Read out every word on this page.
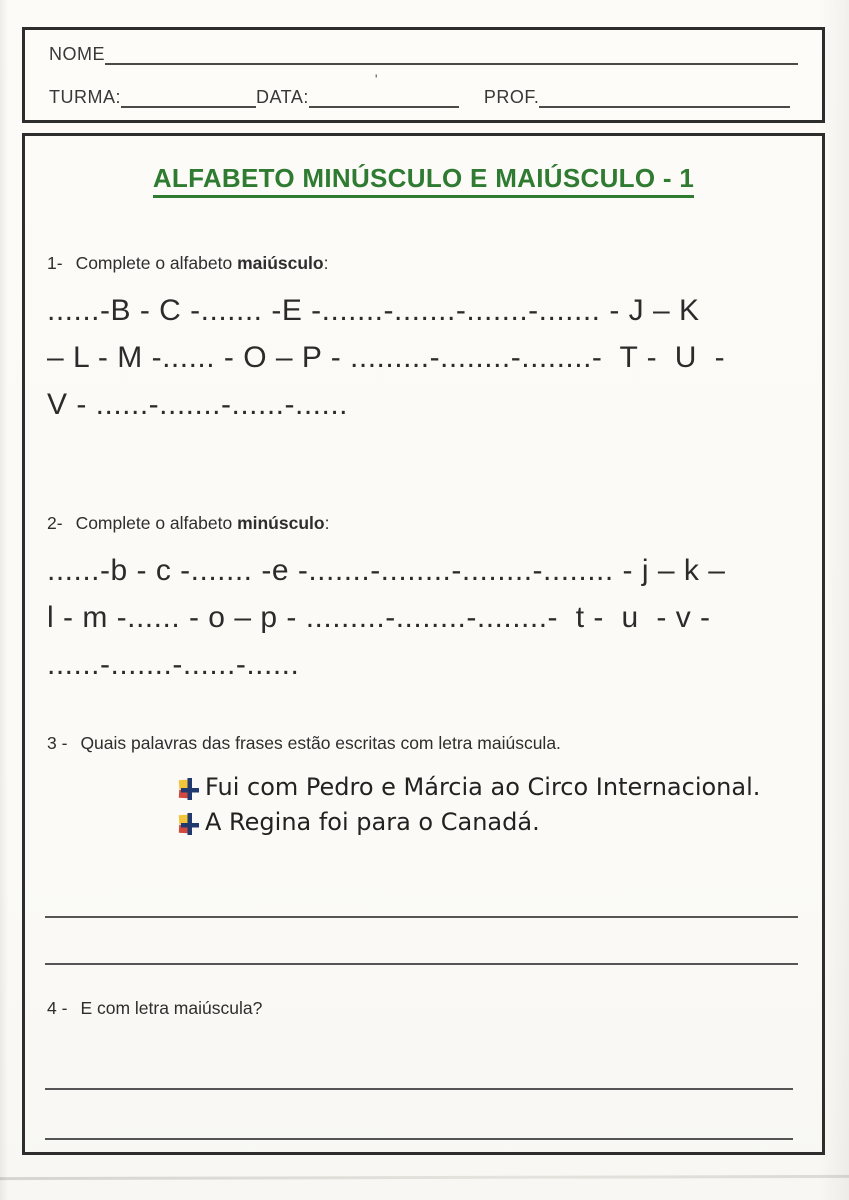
NOME
TURMA:	DATA:
'
PROF.
ALFABETO MINÚSCULO E MAIÚSCULO - 1
1- Complete o alfabeto maiúsculo:
......-B - C -....... -E -.......-.......-.......-....... - J – K
– L - M -...... - O – P - .........-........-........-  T -  U  -
V - ......-.......-......-......
2- Complete o alfabeto minúsculo:
......-b - c -....... -e -.......-........-........-........ - j – k –
l - m -...... - o – p - .........-........-........-  t -  u  - v -
......-.......-......-......
3 - Quais palavras das frases estão escritas com letra maiúscula.
Fui com Pedro e Márcia ao Circo Internacional.
A Regina foi para o Canadá.
4 - E com letra maiúscula?
